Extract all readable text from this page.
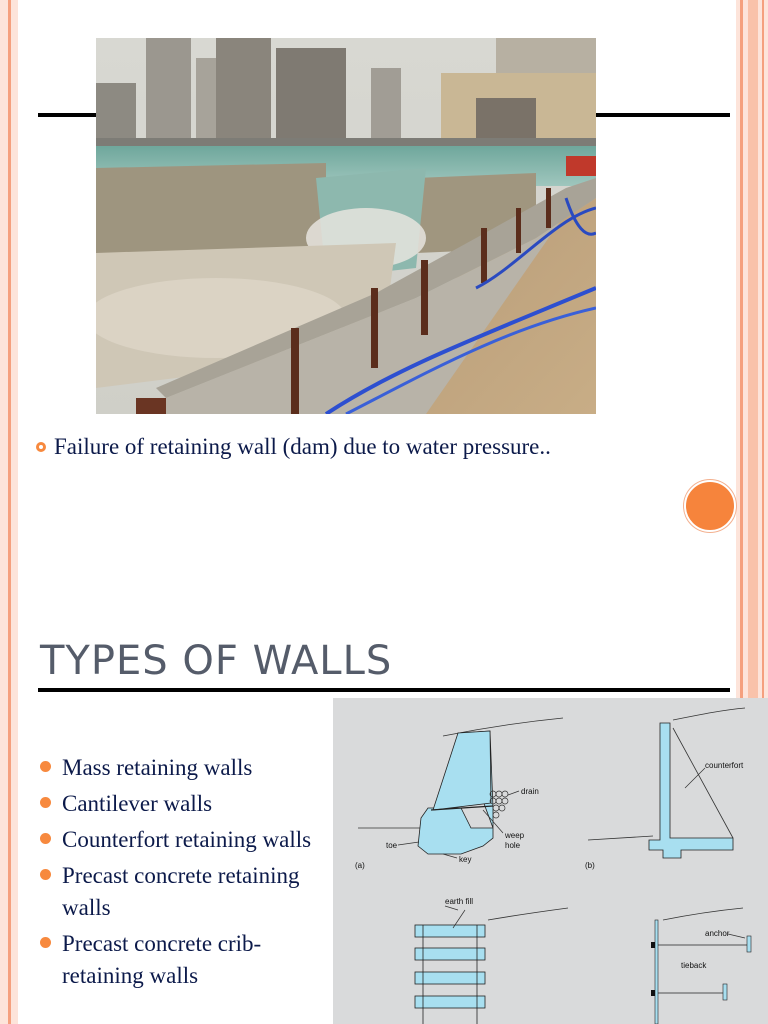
Failure of retaining wall (dam) due to water pressure..
TYPES OF WALLS
Mass retaining walls
Cantilever walls
Counterfort retaining walls
Precast concrete retaining walls
Precast concrete crib-retaining walls
drain
weep
hole
toe
key
(a)
counterfort
(b)
earth fill
anchor
tieback
